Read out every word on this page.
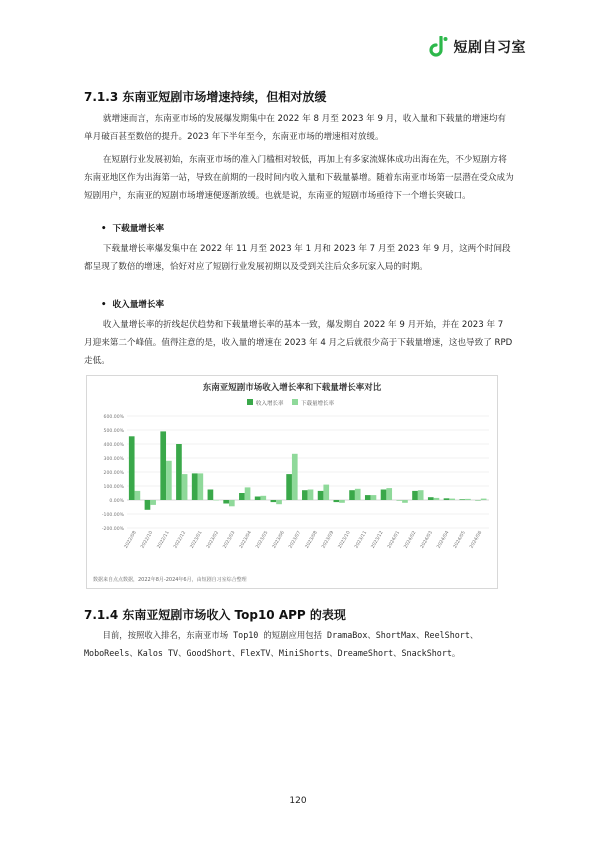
短剧自习室
7.1.3 东南亚短剧市场增速持续，但相对放缓

就增速而言，东南亚市场的发展爆发期集中在 2022 年 8 月至 2023 年 9 月，收入量和下载量的增速均有单月破百甚至数倍的提升。2023 年下半年至今，东南亚市场的增速相对放缓。

在短剧行业发展初始，东南亚市场的准入门槛相对较低，再加上有多家流媒体成功出海在先，不少短剧方将东南亚地区作为出海第一站，导致在前期的一段时间内收入量和下载量暴增。随着东南亚市场第一层潜在受众成为短剧用户，东南亚的短剧市场增速便逐渐放缓。也就是说，东南亚的短剧市场亟待下一个增长突破口。

• 下载量增长率

下载量增长率爆发集中在 2022 年 11 月至 2023 年 1 月和 2023 年 7 月至 2023 年 9 月，这两个时间段都呈现了数倍的增速，恰好对应了短剧行业发展初期以及受到关注后众多玩家入局的时期。

• 收入量增长率

收入量增长率的折线起伏趋势和下载量增长率的基本一致，爆发期自 2022 年 9 月开始，并在 2023 年 7 月迎来第二个峰值。值得注意的是，收入量的增速在 2023 年 4 月之后就很少高于下载量增速，这也导致了 RPD 走低。

东南亚短剧市场收入增长率和下载量增长率对比
收入增长率	下载量增长率
600.00%
500.00%
400.00%
300.00%
200.00%
100.00%
0.00%
-100.00%
-200.00%
2022/08 2022/10 2022/11 2022/12 2023/01 2023/02 2023/03 2023/04 2023/05 2023/06 2023/07 2023/08 2023/09 2023/10 2023/11 2023/12 2024/01 2024/02 2024/03 2024/04 2024/05 2024/06
数据来自点点数据，2022年8月-2024年6月，由短剧自习室综合整理
7.1.4 东南亚短剧市场收入 Top10 APP 的表现

目前，按照收入排名，东南亚市场 Top10 的短剧应用包括 DramaBox、ShortMax、ReelShort、MoboReels、Kalos TV、GoodShort、FlexTV、MiniShorts、DreameShort、SnackShort。

120
